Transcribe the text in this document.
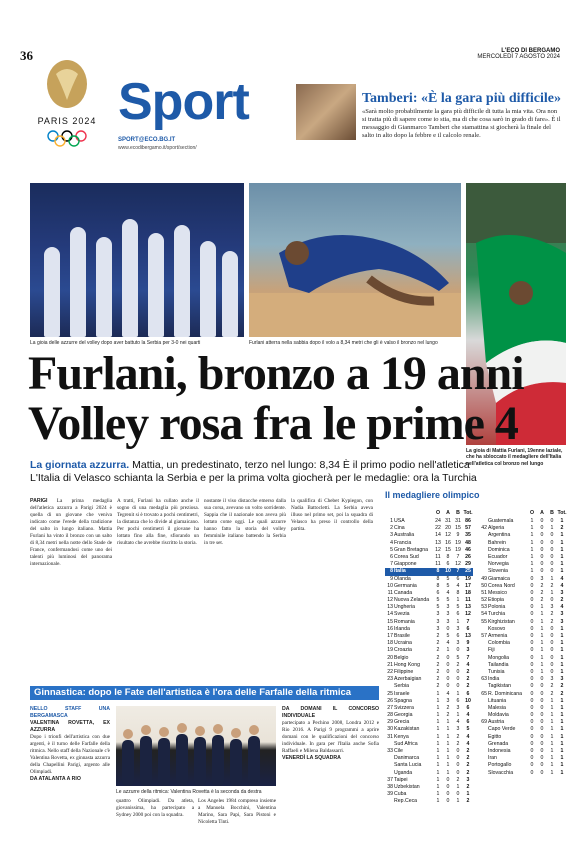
36
PARIS 2024 Sport
SPORT@ECO.BG.IT
www.ecodibergamo.it/sport/section/
L'ECO DI BERGAMO
MERCOLEDÌ 7 AGOSTO 2024
Tamberi: «È la gara più difficile»
«Sarà molto probabilmente la gara più difficile di tutta la mia vita. Ora non si tratta più di sapere come io stia, ma di che cosa sarò in grado di fare». È il messaggio di Gianmarco Tamberi che stamattina si giocherà la finale del salto in alto dopo la febbre e il calcolo renale.
La gioia delle azzurre del volley dopo aver battuto la Serbia per 3-0 nei quarti	Furlani atterra nella sabbia dopo il volo a 8,34 metri che gli è valso il bronzo nel lungo
La gioia di Mattia Furlani, 19enne laziale, che ha sbloccato il medagliere dell'Italia nell'atletica col bronzo nel lungo
Furlani, bronzo a 19 anni
Volley rosa fra le prime 4
La giornata azzurra. Mattia, un predestinato, terzo nel lungo: 8,34 È il primo podio nell'atletica
L'Italia di Velasco schianta la Serbia e per la prima volta giocherà per le medaglie: ora la Turchia
PARIGI La prima medaglia dell'atletica azzurra a Parigi 2024 è quella di un giovane che veniva indicato come l'erede della tradizione del salto in lungo italiano. Mattia Furlani ha vinto il bronzo con un salto di 8,34 metri nella notte dello Stade de France, confermandosi come uno dei talenti più luminosi del panorama internazionale.
A tratti, Furlani ha cullato anche il sogno di una medaglia più preziosa. Tegrenit si è trovato a pochi centimetri, la distanza che lo divide al giamaicano. Per pochi centimetri il giovane ha lottato fino alla fine, sfiorando un risultato che avrebbe riscritto la storia.
nostante il viso distacche emerso dalla sua corsa, avevano un volto sorridente. Sappia che il nazionale non aveva più lottato come oggi. Le quali azzurre hanno fatto la storia del volley femminile italiano battendo la Serbia in tre set.
la qualifica di Chebet Kypiegon, con Nadia Battocletti. La Serbia aveva illuso nel primo set, poi la squadra di Velasco ha preso il controllo della partita.
Il medagliere olimpico
O	A	B Tot.
1 USA	24 31 31 86
2 Cina	22 20 15 57
3 Australia	14 12	9	35
4 Francia	13 16 19 48
5 Gran Bretagna	12 15 19 46
6 Corea Sud	11	8	7	26
7 Giappone	11	6	12 29
8 Italia	8	10	7	25
9 Olanda	8	5	6	19
10 Germania	8	5	4	17
11 Canada	6	4	8	18
12 Nuova Zelanda	5	5	1	11
13 Ungheria	5	3	5	13
14 Svezia	3	3	6	12
15 Romania	3	3	1	7
16 Irlanda	3	0	3	6
17 Brasile	2	5	6	13
18 Ucraina	2	4	3	9
19 Croazia	2	1	0	3
20 Belgio	2	0	5	7
21 Hong Kong	2	0	2	4
22 Filippine	2	0	0	2
23 Azerbaigian	2	0	0	2
Serbia	2	0	0	2
25 Israele	1	4	1	6
26 Spagna	1	3	6	10
27 Svizzera	1	2	3	6
28 Georgia	1	2	1	4
29 Grecia	1	1	4	6
30 Kazakistan	1	1	3	5
31 Kenya	1	1	2	4
Sud Africa	1	1	2	4
33 Cile	1	1	0	2
Danimarca	1	1	0	2
Santa Lucia	1	1	0	2
Uganda	1	1	0	2
37 Taipei	1	0	2	3
38 Uzbekistan	1	0	1	2
39 Cuba	1	0	0	1
Rep.Ceca	1	0	1	2
O	A	B Tot.
Guatemala	1	0	0	1
42 Algeria	1	0	1	2
Argentina	1	0	0	1
Bahrein	1	0	0	1
Dominica	1	0	0	1
Ecuador	1	0	0	1
Norvegia	1	0	0	1
Slovenia	1	0	0	1
49 Giamaica	0	3	1	4
50 Corea Nord	0	2	2	4
51 Messico	0	2	1	3
52 Etiopia	0	2	0	2
53 Polonia	0	1	3	4
54 Turchia	0	1	2	3
55 Kirghizistan	0	1	2	3
Kosovo	0	1	0	1
57 Armenia	0	1	0	1
Colombia	0	1	0	1
Fiji	0	1	0	1
Mongolia	0	1	0	1
Tailandia	0	1	0	1
Tunisia	0	1	0	1
63 India	0	0	3	3
Tagikistan	0	0	2	2
65 R. Dominicana	0	0	2	2
Lituania	0	0	1	1
Malesia	0	0	1	1
Moldavia	0	0	1	1
69 Austria	0	0	1	1
Capo Verde	0	0	1	1
Egitto	0	0	1	1
Grenada	0	0	1	1
Indonesia	0	0	1	1
Iran	0	0	1	1
Portogallo	0	0	1	1
Slovacchia	0	0	1	1
Ginnastica: dopo le Fate dell'artistica è l'ora delle Farfalle della ritmica
NELLO STAFF UNA BERGAMASCA
VALENTINA ROVETTA, EX AZZURRA
Dopo i trionfi dell'artistica con due argenti, è il turno delle Farfalle della ritmica. Nello staff della Nazionale c'è Valentina Rovetta, ex ginnasta azzurra della Chapellini Parigi, argento alle Olimpiadi.
DA ATALANTA A RIO
Le azzurre della ritmica: Valentina Rovetta è la seconda da destra
quattro Olimpiadi. Da atleta, giovanissima, ha partecipato a Sydney 2000 poi con la squadra.
Los Angeles 1984 compreso insieme a Manuela Bocchini, Valentina Marino, Sara Papi, Sara Pistoni e Nicoletta Tinti.
DA DOMANI IL CONCORSO INDIVIDUALE
partecipato a Pechino 2008, Londra 2012 e Rio 2016. A Parigi 9 programmi a aprire domani con le qualificazioni del concorso individuale. In gara per l'Italia anche Sofia Raffaeli e Milena Baldassarri.
VENERDÌ LA SQUADRA
